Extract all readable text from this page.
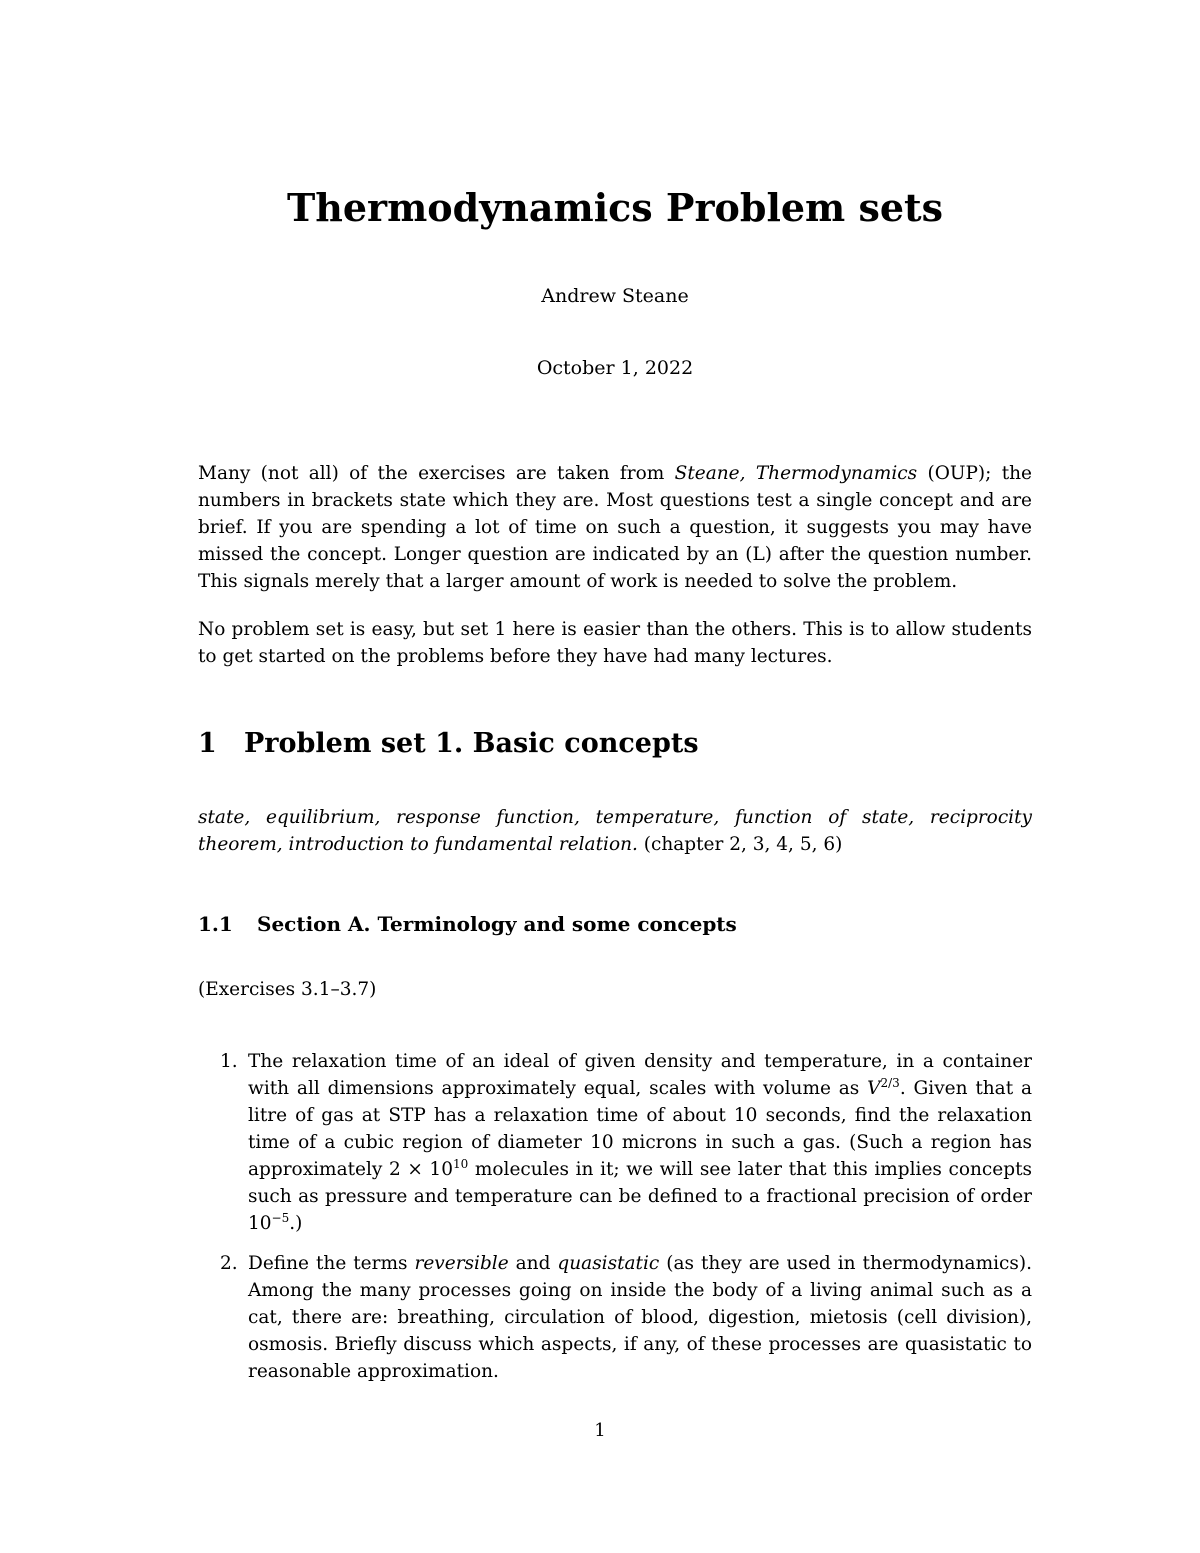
Thermodynamics Problem sets
Andrew Steane
October 1, 2022

Many (not all) of the exercises are taken from Steane, Thermodynamics (OUP); the numbers in brackets state which they are. Most questions test a single concept and are brief. If you are spending a lot of time on such a question, it suggests you may have missed the concept. Longer question are indicated by an (L) after the question number. This signals merely that a larger amount of work is needed to solve the problem.

No problem set is easy, but set 1 here is easier than the others. This is to allow students to get started on the problems before they have had many lectures.

1 Problem set 1. Basic concepts

state, equilibrium, response function, temperature, function of state, reciprocity theorem, introduction to fundamental relation. (chapter 2, 3, 4, 5, 6)

1.1 Section A. Terminology and some concepts
(Exercises 3.1–3.7)
1. The relaxation time of an ideal of given density and temperature, in a container with all dimensions approximately equal, scales with volume as $V^{2/3}$. Given that a litre of gas at STP has a relaxation time of about 10 seconds, find the relaxation time of a cubic region of diameter 10 microns in such a gas. (Such a region has approximately $2 \times 10^{10}$ molecules in it; we will see later that this implies concepts such as pressure and temperature can be defined to a fractional precision of order $10^{-5}$.)
2. Define the terms reversible and quasistatic (as they are used in thermodynamics). Among the many processes going on inside the body of a living animal such as a cat, there are: breathing, circulation of blood, digestion, mietosis (cell division), osmosis. Briefly discuss which aspects, if any, of these processes are quasistatic to reasonable approximation.
1
